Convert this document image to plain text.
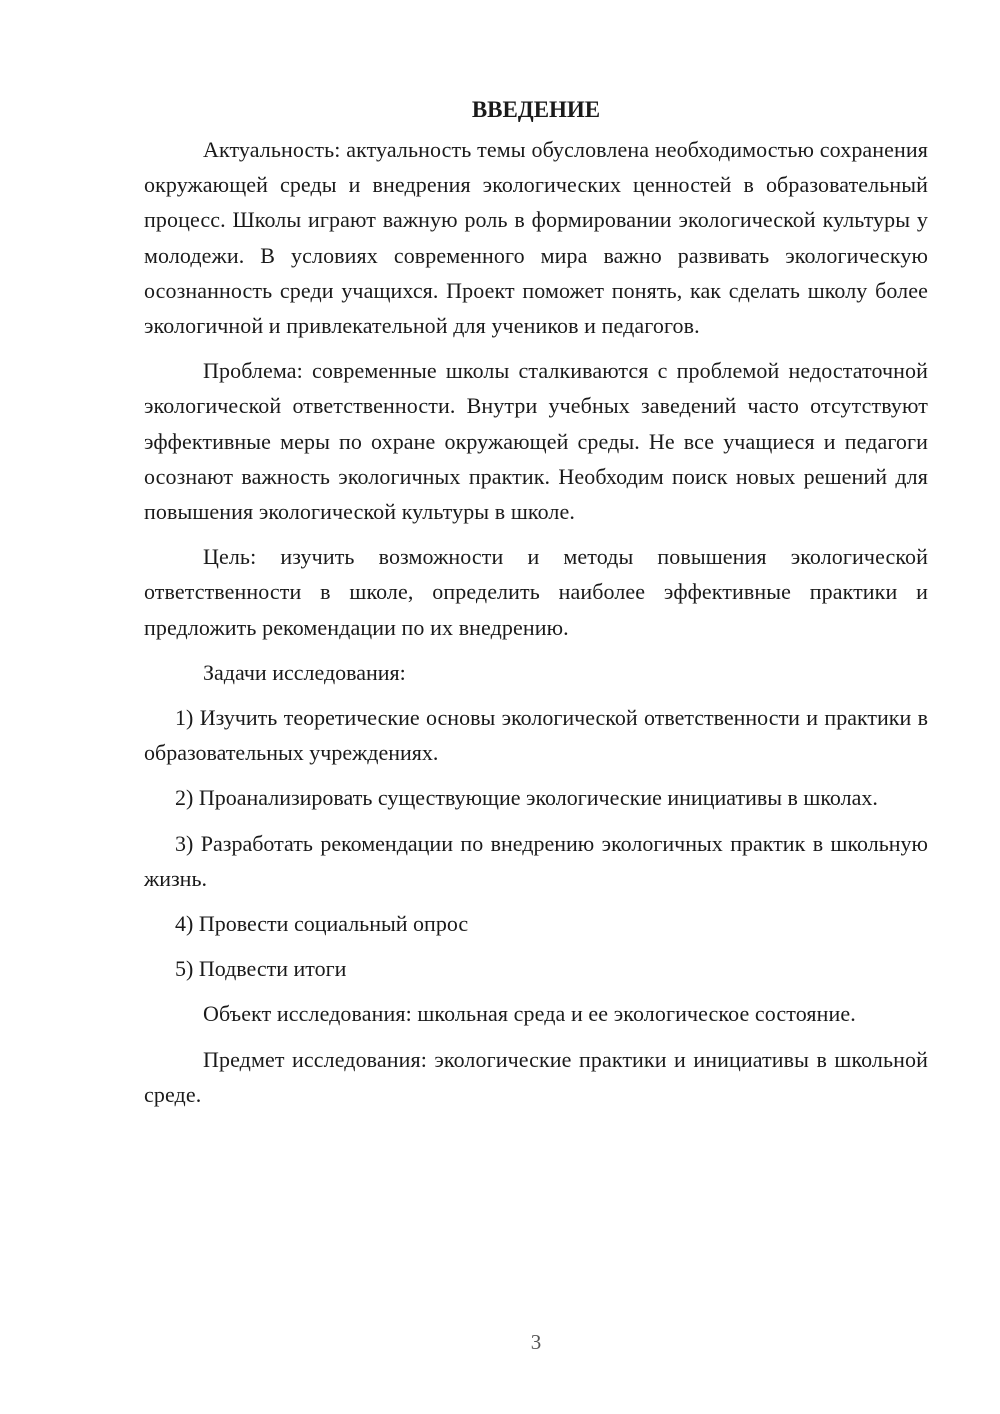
ВВЕДЕНИЕ

Актуальность: актуальность темы обусловлена необходимостью сохранения окружающей среды и внедрения экологических ценностей в образовательный процесс. Школы играют важную роль в формировании экологической культуры у молодежи. В условиях современного мира важно развивать экологическую осознанность среди учащихся. Проект поможет понять, как сделать школу более экологичной и привлекательной для учеников и педагогов.

Проблема: современные школы сталкиваются с проблемой недостаточной экологической ответственности. Внутри учебных заведений часто отсутствуют эффективные меры по охране окружающей среды. Не все учащиеся и педагоги осознают важность экологичных практик. Необходим поиск новых решений для повышения экологической культуры в школе.

Цель: изучить возможности и методы повышения экологической ответственности в школе, определить наиболее эффективные практики и предложить рекомендации по их внедрению.

Задачи исследования:

1) Изучить теоретические основы экологической ответственности и практики в образовательных учреждениях.

2) Проанализировать существующие экологические инициативы в школах.

3) Разработать рекомендации по внедрению экологичных практик в школьную жизнь.

4) Провести социальный опрос

5) Подвести итоги

Объект исследования: школьная среда и ее экологическое состояние.

Предмет исследования: экологические практики и инициативы в школьной среде.

3
